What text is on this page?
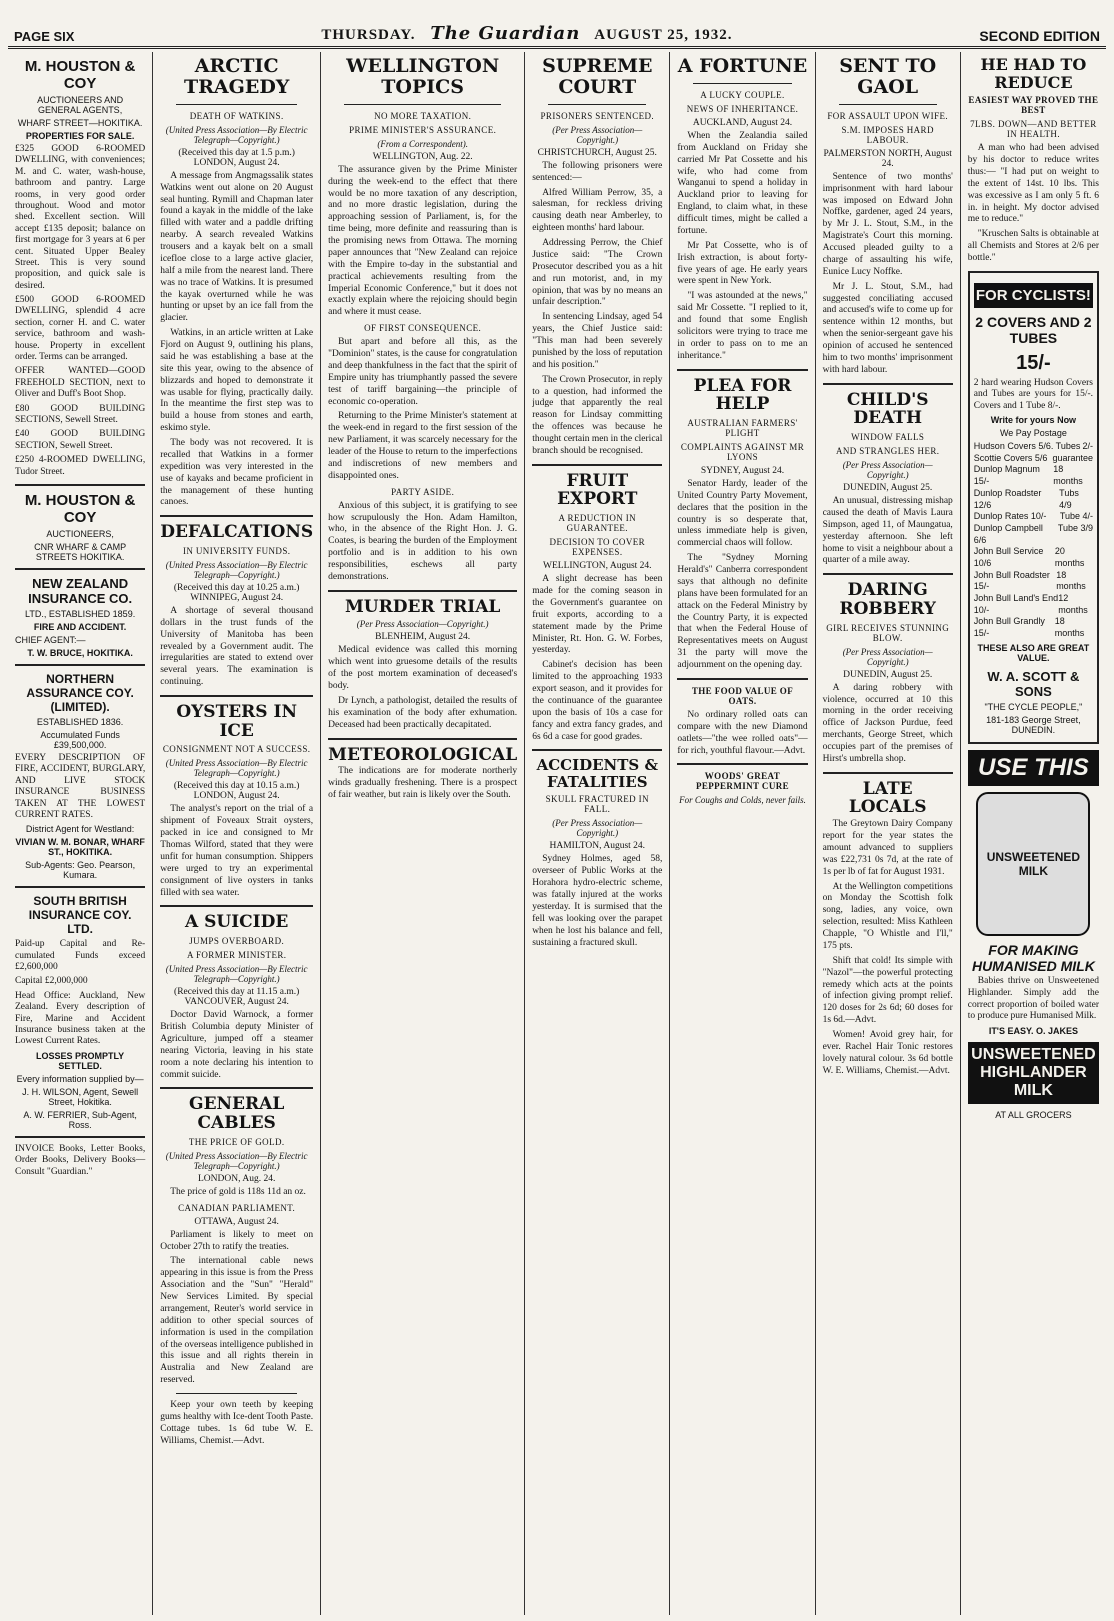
PAGE SIX	THURSDAY. The Guardian AUGUST 25, 1932.	SECOND EDITION
M. HOUSTON & COY
AUCTIONEERS AND GENERAL AGENTS,
WHARF STREET—HOKITIKA.
PROPERTIES FOR SALE.

£325 GOOD 6-ROOMED DWELLING, with conveniences; M. and C. water, wash-house, bathroom and pantry. Large rooms, in very good order throughout. Wood and motor shed. Excellent section. Will accept £135 deposit; balance on first mortgage for 3 years at 6 per cent. Situated Upper Bealey Street. This is very sound proposition, and quick sale is desired.

£500 GOOD 6-ROOMED DWELLING, splendid 4 acre section, corner H. and C. water service, bathroom and wash-house. Property in excellent order. Terms can be arranged.

OFFER WANTED—GOOD FREEHOLD SECTION, next to Oliver and Duff's Boot Shop.

£80 GOOD BUILDING SECTIONS, Sewell Street.

£40 GOOD BUILDING SECTION, Sewell Street.

£250 4-ROOMED DWELLING, Tudor Street.

M. HOUSTON & COY
AUCTIONEERS,
CNR WHARF & CAMP STREETS HOKITIKA.
NEW ZEALAND INSURANCE CO.
LTD., ESTABLISHED 1859.
FIRE AND ACCIDENT.
CHIEF AGENT:—
T. W. BRUCE, HOKITIKA.
NORTHERN ASSURANCE COY. (LIMITED).
ESTABLISHED 1836.
Accumulated Funds £39,500,000.

EVERY DESCRIPTION OF FIRE, ACCIDENT, BURGLARY, AND LIVE STOCK INSURANCE BUSINESS TAKEN AT THE LOWEST CURRENT RATES.

District Agent for Westland:
VIVIAN W. M. BONAR, WHARF ST., HOKITIKA.
Sub-Agents: Geo. Pearson, Kumara.
SOUTH BRITISH INSURANCE COY. LTD.

Paid-up Capital and Re-cumulated Funds exceed £2,600,000

Capital £2,000,000

Head Office: Auckland, New Zealand. Every description of Fire, Marine and Accident Insurance business taken at the Lowest Current Rates.

LOSSES PROMPTLY SETTLED.
Every information supplied by—
J. H. WILSON, Agent, Sewell Street, Hokitika.
A. W. FERRIER, Sub-Agent, Ross.

INVOICE Books, Letter Books, Order Books, Delivery Books—Consult "Guardian."

ARCTIC TRAGEDY
DEATH OF WATKINS.
(United Press Association—By Electric Telegraph—Copyright.)
(Received this day at 1.5 p.m.) LONDON, August 24.

A message from Angmagssalik states Watkins went out alone on 20 August seal hunting. Rymill and Chapman later found a kayak in the middle of the lake filled with water and a paddle drifting nearby. A search revealed Watkins trousers and a kayak belt on a small icefloe close to a large active glacier, half a mile from the nearest land. There was no trace of Watkins. It is presumed the kayak overturned while he was hunting or upset by an ice fall from the glacier.

Watkins, in an article written at Lake Fjord on August 9, outlining his plans, said he was establishing a base at the site this year, owing to the absence of blizzards and hoped to demonstrate it was usable for flying, practically daily. In the meantime the first step was to build a house from stones and earth, eskimo style.

The body was not recovered. It is recalled that Watkins in a former expedition was very interested in the use of kayaks and became proficient in the management of these hunting canoes.

DEFALCATIONS
IN UNIVERSITY FUNDS.
(United Press Association—By Electric Telegraph—Copyright.)
(Received this day at 10.25 a.m.) WINNIPEG, August 24.

A shortage of several thousand dollars in the trust funds of the University of Manitoba has been revealed by a Government audit. The irregularities are stated to extend over several years. The examination is continuing.

OYSTERS IN ICE
CONSIGNMENT NOT A SUCCESS.
(United Press Association—By Electric Telegraph—Copyright.)
(Received this day at 10.15 a.m.) LONDON, August 24.

The analyst's report on the trial of a shipment of Foveaux Strait oysters, packed in ice and consigned to Mr Thomas Wilford, stated that they were unfit for human consumption. Shippers were urged to try an experimental consignment of live oysters in tanks filled with sea water.

A SUICIDE
JUMPS OVERBOARD.
A FORMER MINISTER.
(United Press Association—By Electric Telegraph—Copyright.)
(Received this day at 11.15 a.m.) VANCOUVER, August 24.

Doctor David Warnock, a former British Columbia deputy Minister of Agriculture, jumped off a steamer nearing Victoria, leaving in his state room a note declaring his intention to commit suicide.

GENERAL CABLES
THE PRICE OF GOLD.
(United Press Association—By Electric Telegraph—Copyright.)
LONDON, Aug. 24.

The price of gold is 118s 11d an oz.

CANADIAN PARLIAMENT.
OTTAWA, August 24.

Parliament is likely to meet on October 27th to ratify the treaties.

The international cable news appearing in this issue is from the Press Association and the "Sun" "Herald" New Services Limited. By special arrangement, Reuter's world service in addition to other special sources of information is used in the compilation of the overseas intelligence published in this issue and all rights therein in Australia and New Zealand are reserved.

Keep your own teeth by keeping gums healthy with Ice-dent Tooth Paste. Cottage tubes. 1s 6d tube W. E. Williams, Chemist.—Advt.

WELLINGTON TOPICS
NO MORE TAXATION.
PRIME MINISTER'S ASSURANCE.
(From a Correspondent).
WELLINGTON, Aug. 22.

The assurance given by the Prime Minister during the week-end to the effect that there would be no more taxation of any description, and no more drastic legislation, during the approaching session of Parliament, is, for the time being, more definite and reassuring than is the promising news from Ottawa. The morning paper announces that "New Zealand can rejoice with the Empire to-day in the substantial and practical achievements resulting from the Imperial Economic Conference," but it does not exactly explain where the rejoicing should begin and where it must cease.

OF FIRST CONSEQUENCE.

But apart and before all this, as the "Dominion" states, is the cause for congratulation and deep thankfulness in the fact that the spirit of Empire unity has triumphantly passed the severe test of tariff bargaining—the principle of economic co-operation.

Returning to the Prime Minister's statement at the week-end in regard to the first session of the new Parliament, it was scarcely necessary for the leader of the House to return to the imperfections and indiscretions of new members and disappointed ones.

PARTY ASIDE.

Anxious of this subject, it is gratifying to see how scrupulously the Hon. Adam Hamilton, who, in the absence of the Right Hon. J. G. Coates, is bearing the burden of the Employment portfolio and is in addition to his own responsibilities, eschews all party demonstrations.

MURDER TRIAL
(Per Press Association—Copyright.)
BLENHEIM, August 24.

Medical evidence was called this morning which went into gruesome details of the results of the post mortem examination of deceased's body.

Dr Lynch, a pathologist, detailed the results of his examination of the body after exhumation. Deceased had been practically decapitated.

METEOROLOGICAL

The indications are for moderate northerly winds gradually freshening. There is a prospect of fair weather, but rain is likely over the South.

SUPREME COURT
PRISONERS SENTENCED.
(Per Press Association—Copyright.)
CHRISTCHURCH, August 25.

The following prisoners were sentenced:—

Alfred William Perrow, 35, a salesman, for reckless driving causing death near Amberley, to eighteen months' hard labour.

Addressing Perrow, the Chief Justice said: "The Crown Prosecutor described you as a hit and run motorist, and, in my opinion, that was by no means an unfair description."

In sentencing Lindsay, aged 54 years, the Chief Justice said: "This man had been severely punished by the loss of reputation and his position."

The Crown Prosecutor, in reply to a question, had informed the judge that apparently the real reason for Lindsay committing the offences was because he thought certain men in the clerical branch should be recognised.

FRUIT EXPORT
A REDUCTION IN GUARANTEE.
DECISION TO COVER EXPENSES.
WELLINGTON, August 24.

A slight decrease has been made for the coming season in the Government's guarantee on fruit exports, according to a statement made by the Prime Minister, Rt. Hon. G. W. Forbes, yesterday.

Cabinet's decision has been limited to the approaching 1933 export season, and it provides for the continuance of the guarantee upon the basis of 10s a case for fancy and extra fancy grades, and 6s 6d a case for good grades.

ACCIDENTS & FATALITIES
SKULL FRACTURED IN FALL.
(Per Press Association—Copyright.)
HAMILTON, August 24.

Sydney Holmes, aged 58, overseer of Public Works at the Horahora hydro-electric scheme, was fatally injured at the works yesterday. It is surmised that the fell was looking over the parapet when he lost his balance and fell, sustaining a fractured skull.

A FORTUNE
A LUCKY COUPLE.
NEWS OF INHERITANCE.
AUCKLAND, August 24.

When the Zealandia sailed from Auckland on Friday she carried Mr Pat Cossette and his wife, who had come from Wanganui to spend a holiday in Auckland prior to leaving for England, to claim what, in these difficult times, might be called a fortune.

Mr Pat Cossette, who is of Irish extraction, is about forty-five years of age. He early years were spent in New York.

"I was astounded at the news," said Mr Cossette. "I replied to it, and found that some English solicitors were trying to trace me in order to pass on to me an inheritance."

PLEA FOR HELP
AUSTRALIAN FARMERS' PLIGHT
COMPLAINTS AGAINST MR LYONS
SYDNEY, August 24.

Senator Hardy, leader of the United Country Party Movement, declares that the position in the country is so desperate that, unless immediate help is given, commercial chaos will follow.

The "Sydney Morning Herald's" Canberra correspondent says that although no definite plans have been formulated for an attack on the Federal Ministry by the Country Party, it is expected that when the Federal House of Representatives meets on August 31 the party will move the adjournment on the opening day.

THE FOOD VALUE OF OATS.

No ordinary rolled oats can compare with the new Diamond oatlets—"the wee rolled oats"—for rich, youthful flavour.—Advt.

WOODS' GREAT PEPPERMINT CURE
For Coughs and Colds, never fails.
SENT TO GAOL
FOR ASSAULT UPON WIFE.
S.M. IMPOSES HARD LABOUR.
PALMERSTON NORTH, August 24.

Sentence of two months' imprisonment with hard labour was imposed on Edward John Noffke, gardener, aged 24 years, by Mr J. L. Stout, S.M., in the Magistrate's Court this morning. Accused pleaded guilty to a charge of assaulting his wife, Eunice Lucy Noffke.

Mr J. L. Stout, S.M., had suggested conciliating accused and accused's wife to come up for sentence within 12 months, but when the senior-sergeant gave his opinion of accused he sentenced him to two months' imprisonment with hard labour.

CHILD'S DEATH
WINDOW FALLS
AND STRANGLES HER.
(Per Press Association—Copyright.)
DUNEDIN, August 25.

An unusual, distressing mishap caused the death of Mavis Laura Simpson, aged 11, of Maungatua, yesterday afternoon. She left home to visit a neighbour about a quarter of a mile away.

DARING ROBBERY
GIRL RECEIVES STUNNING BLOW.
(Per Press Association—Copyright.)
DUNEDIN, August 25.

A daring robbery with violence, occurred at 10 this morning in the order receiving office of Jackson Purdue, feed merchants, George Street, which occupies part of the premises of Hirst's umbrella shop.

LATE LOCALS

The Greytown Dairy Company report for the year states the amount advanced to suppliers was £22,731 0s 7d, at the rate of 1s per lb of fat for August 1931.

At the Wellington competitions on Monday the Scottish folk song, ladies, any voice, own selection, resulted: Miss Kathleen Chapple, "O Whistle and I'll," 175 pts.

Shift that cold! Its simple with "Nazol"—the powerful protecting remedy which acts at the points of infection giving prompt relief. 120 doses for 2s 6d; 60 doses for 1s 6d.—Advt.

Women! Avoid grey hair, for ever. Rachel Hair Tonic restores lovely natural colour. 3s 6d bottle W. E. Williams, Chemist.—Advt.

HE HAD TO REDUCE
EASIEST WAY PROVED THE BEST
7LBS. DOWN—AND BETTER IN HEALTH.

A man who had been advised by his doctor to reduce writes thus:— "I had put on weight to the extent of 14st. 10 lbs. This was excessive as I am only 5 ft. 6 in. in height. My doctor advised me to reduce."

"Kruschen Salts is obtainable at all Chemists and Stores at 2/6 per bottle."

FOR CYCLISTS!
2 COVERS AND 2 TUBES
15/-

2 hard wearing Hudson Covers and Tubes are yours for 15/-. Covers and 1 Tube 8/-.

Write for yours Now
We Pay Postage
Hudson Covers 5/6. Tubes 2/-
Scottie Covers 5/6 guarantee
Dunlop Magnum 15/-
18 months
Dunlop Roadster 12/6
Tubs 4/9
Dunlop Rates 10/- Tube 4/-
Dunlop Campbell 6/6
Tube 3/9
John Bull Service 10/6
20 months
John Bull Roadster 15/-
18 months
John Bull Land's End 10/-
12 months
John Bull Grandly 15/-
18 months
THESE ALSO ARE GREAT VALUE.
W. A. SCOTT & SONS
"THE CYCLE PEOPLE,"
181-183 George Street, DUNEDIN.
USE THIS
UNSWEETENED MILK
FOR MAKING HUMANISED MILK

Babies thrive on Unsweetened Highlander. Simply add the correct proportion of boiled water to produce pure Humanised Milk.

IT'S EASY. O. JAKES
UNSWEETENED HIGHLANDER MILK
AT ALL GROCERS
